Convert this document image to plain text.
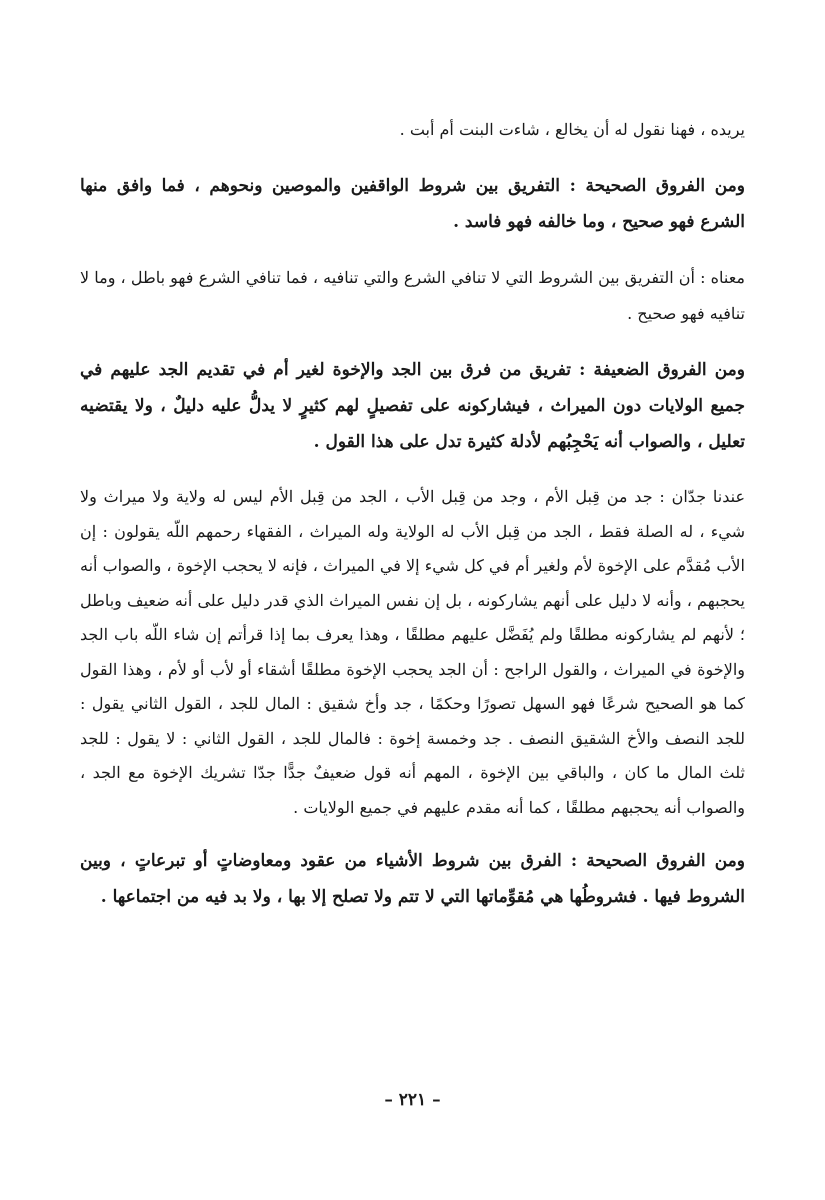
يريده ، فهنا نقول له أن يخالع ، شاءت البنت أم أبت .

ومن الفروق الصحيحة : التفريق بين شروط الواقفين والموصين ونحوهم ، فما وافق منها الشرع فهو صحيح ، وما خالفه فهو فاسد .

معناه : أن التفريق بين الشروط التي لا تنافي الشرع والتي تنافيه ، فما تنافي الشرع فهو باطل ، وما لا تنافيه فهو صحيح .

ومن الفروق الضعيفة : تفريق من فرق بين الجد والإخوة لغير أم في تقديم الجد عليهم في جميع الولايات دون الميراث ، فيشاركونه على تفصيلٍ لهم كثيرٍ لا يدلُّ عليه دليلٌ ، ولا يقتضيه تعليل ، والصواب أنه يَحْجِبُهم لأدلة كثيرة تدل على هذا القول .

عندنا جدّان : جد من قِبل الأم ، وجد من قِبل الأب ، الجد من قِبل الأم ليس له ولاية ولا ميراث ولا شيء ، له الصلة فقط ، الجد من قِبل الأب له الولاية وله الميراث ، الفقهاء رحمهم اللّه يقولون : إن الأب مُقدَّم على الإخوة لأم ولغير أم في كل شيء إلا في الميراث ، فإنه لا يحجب الإخوة ، والصواب أنه يحجبهم ، وأنه لا دليل على أنهم يشاركونه ، بل إن نفس الميراث الذي قدر دليل على أنه ضعيف وباطل ؛ لأنهم لم يشاركونه مطلقًا ولم يُفَضَّل عليهم مطلقًا ، وهذا يعرف بما إذا قرأتم إن شاء اللّه باب الجد والإخوة في الميراث ، والقول الراجح : أن الجد يحجب الإخوة مطلقًا أشقاء أو لأب أو لأم ، وهذا القول كما هو الصحيح شرعًا فهو السهل تصورًا وحكمًا ، جد وأخ شقيق : المال للجد ، القول الثاني يقول : للجد النصف والأخ الشقيق النصف . جد وخمسة إخوة : فالمال للجد ، القول الثاني : لا يقول : للجد ثلث المال ما كان ، والباقي بين الإخوة ، المهم أنه قول ضعيفٌ جدًّا جدّا تشريك الإخوة مع الجد ، والصواب أنه يحجبهم مطلقًا ، كما أنه مقدم عليهم في جميع الولايات .

ومن الفروق الصحيحة : الفرق بين شروط الأشياء من عقود ومعاوضاتٍ أو تبرعاتٍ ، وبين الشروط فيها . فشروطُها هي مُقوِّماتها التي لا تتم ولا تصلح إلا بها ، ولا بد فيه من اجتماعها .

– ٢٢١ –
